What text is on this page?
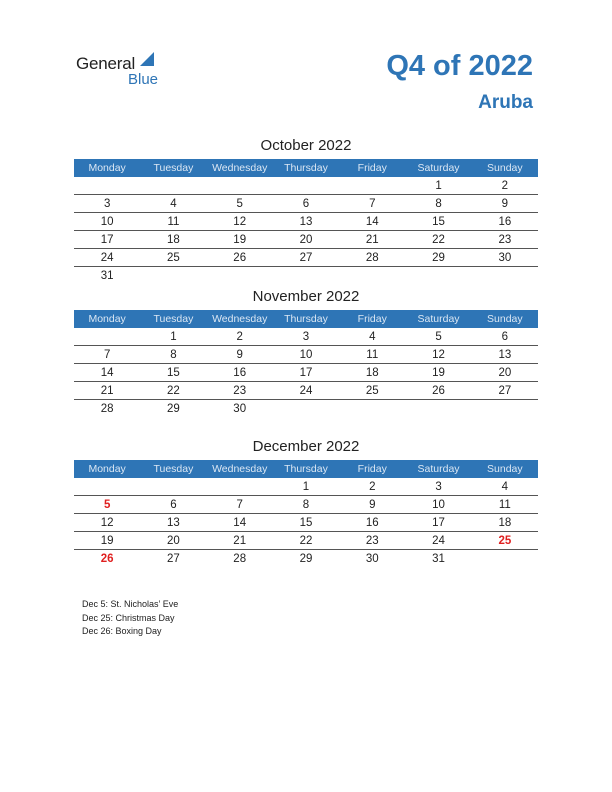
General
Blue	Q4 of 2022
Aruba
October 2022
Monday	Tuesday	Wednesday	Thursday	Friday	Saturday	Sunday
					1	2
3	4	5	6	7	8	9
10	11	12	13	14	15	16
17	18	19	20	21	22	23
24	25	26	27	28	29	30
31						
November 2022
Monday	Tuesday	Wednesday	Thursday	Friday	Saturday	Sunday
	1	2	3	4	5	6
7	8	9	10	11	12	13
14	15	16	17	18	19	20
21	22	23	24	25	26	27
28	29	30				
December 2022
Monday	Tuesday	Wednesday	Thursday	Friday	Saturday	Sunday
			1	2	3	4
5	6	7	8	9	10	11
12	13	14	15	16	17	18
19	20	21	22	23	24	25
26	27	28	29	30	31	
Dec 5: St. Nicholas’ Eve
Dec 25: Christmas Day
Dec 26: Boxing Day
